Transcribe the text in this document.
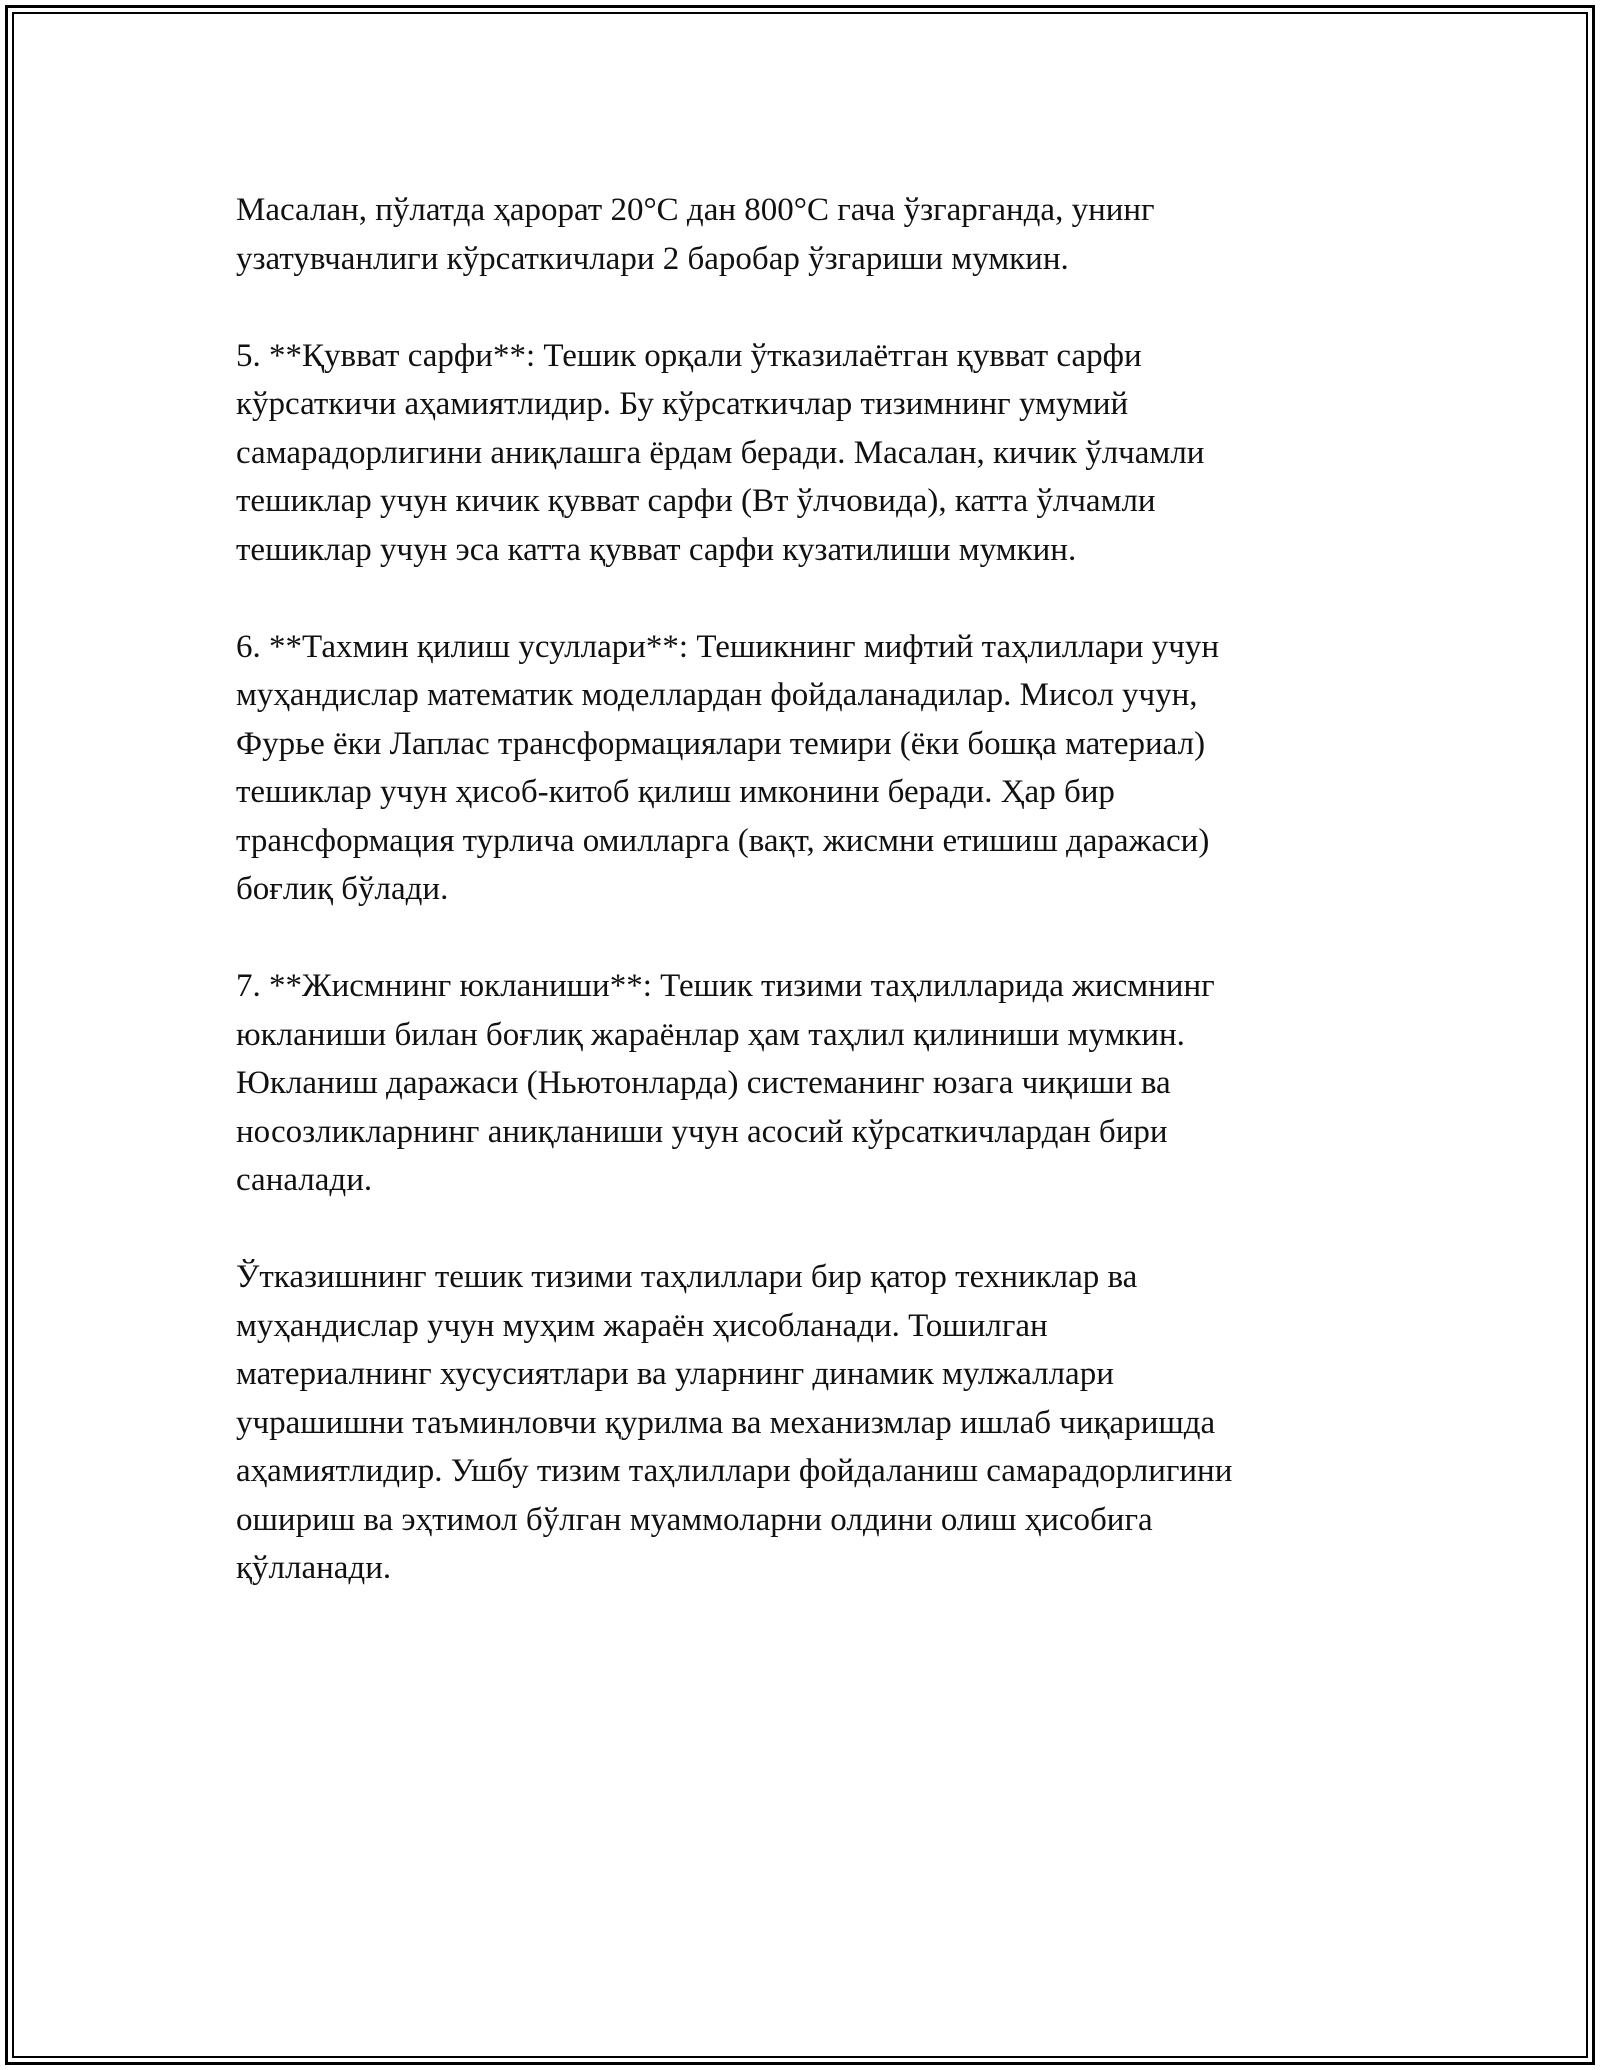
Масалан, пўлатда ҳарорат 20°C дан 800°C гача ўзгарганда, унинг
узатувчанлиги кўрсаткичлари 2 баробар ўзгариши мумкин.

5. **Қувват сарфи**: Тешик орқали ўтказилаётган қувват сарфи
кўрсаткичи аҳамиятлидир. Бу кўрсаткичлар тизимнинг умумий
самарадорлигини аниқлашга ёрдам беради. Масалан, кичик ўлчамли
тешиклар учун кичик қувват сарфи (Вт ўлчовида), катта ўлчамли
тешиклар учун эса катта қувват сарфи кузатилиши мумкин.

6. **Тахмин қилиш усуллари**: Тешикнинг мифтий таҳлиллари учун
муҳандислар математик моделлардан фойдаланадилар. Мисол учун,
Фурье ёки Лаплас трансформациялари темири (ёки бошқа материал)
тешиклар учун ҳисоб-китоб қилиш имконини беради. Ҳар бир
трансформация турлича омилларга (вақт, жисмни етишиш даражаси)
боғлиқ бўлади.

7. **Жисмнинг юкланиши**: Тешик тизими таҳлилларида жисмнинг
юкланиши билан боғлиқ жараёнлар ҳам таҳлил қилиниши мумкин.
Юкланиш даражаси (Ньютонларда) системанинг юзага чиқиши ва
носозликларнинг аниқланиши учун асосий кўрсаткичлардан бири
саналади.

Ўтказишнинг тешик тизими таҳлиллари бир қатор техниклар ва
муҳандислар учун муҳим жараён ҳисобланади. Тошилган
материалнинг хусусиятлари ва уларнинг динамик мулжаллари
учрашишни таъминловчи қурилма ва механизмлар ишлаб чиқаришда
аҳамиятлидир. Ушбу тизим таҳлиллари фойдаланиш самарадорлигини
ошириш ва эҳтимол бўлган муаммоларни олдини олиш ҳисобига
қўлланади.
